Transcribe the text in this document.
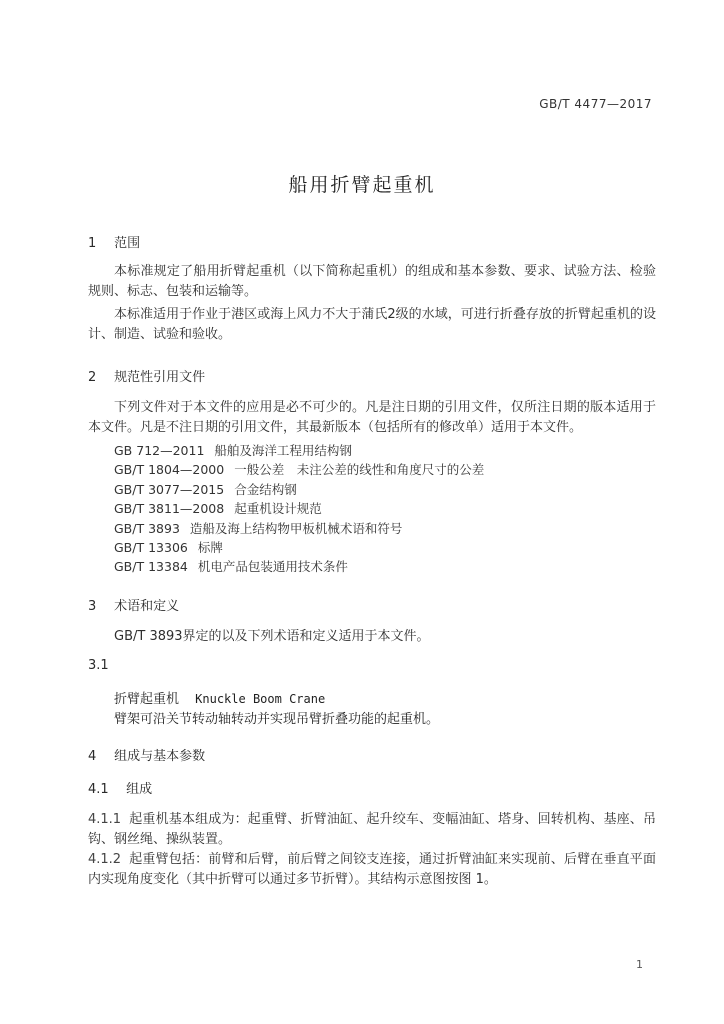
GB/T 4477—2017
船用折臂起重机
1 范围

本标准规定了船用折臂起重机（以下简称起重机）的组成和基本参数、要求、试验方法、检验规则、标志、包装和运输等。

本标准适用于作业于港区或海上风力不大于蒲氏2级的水域，可进行折叠存放的折臂起重机的设计、制造、试验和验收。

2 规范性引用文件

下列文件对于本文件的应用是必不可少的。凡是注日期的引用文件，仅所注日期的版本适用于本文件。凡是不注日期的引用文件，其最新版本（包括所有的修改单）适用于本文件。

GB 712—2011 船舶及海洋工程用结构钢
GB/T 1804—2000 一般公差　未注公差的线性和角度尺寸的公差
GB/T 3077—2015 合金结构钢
GB/T 3811—2008 起重机设计规范
GB/T 3893 造船及海上结构物甲板机械术语和符号
GB/T 13306 标牌
GB/T 13384 机电产品包装通用技术条件
3 术语和定义

GB/T 3893界定的以及下列术语和定义适用于本文件。

3.1
折臂起重机 Knuckle Boom Crane
臂架可沿关节转动轴转动并实现吊臂折叠功能的起重机。
4 组成与基本参数
4.1 组成

4.1.1 起重机基本组成为：起重臂、折臂油缸、起升绞车、变幅油缸、塔身、回转机构、基座、吊钩、钢丝绳、操纵装置。

4.1.2 起重臂包括：前臂和后臂，前后臂之间铰支连接，通过折臂油缸来实现前、后臂在垂直平面内实现角度变化（其中折臂可以通过多节折臂）。其结构示意图按图 1。

1
